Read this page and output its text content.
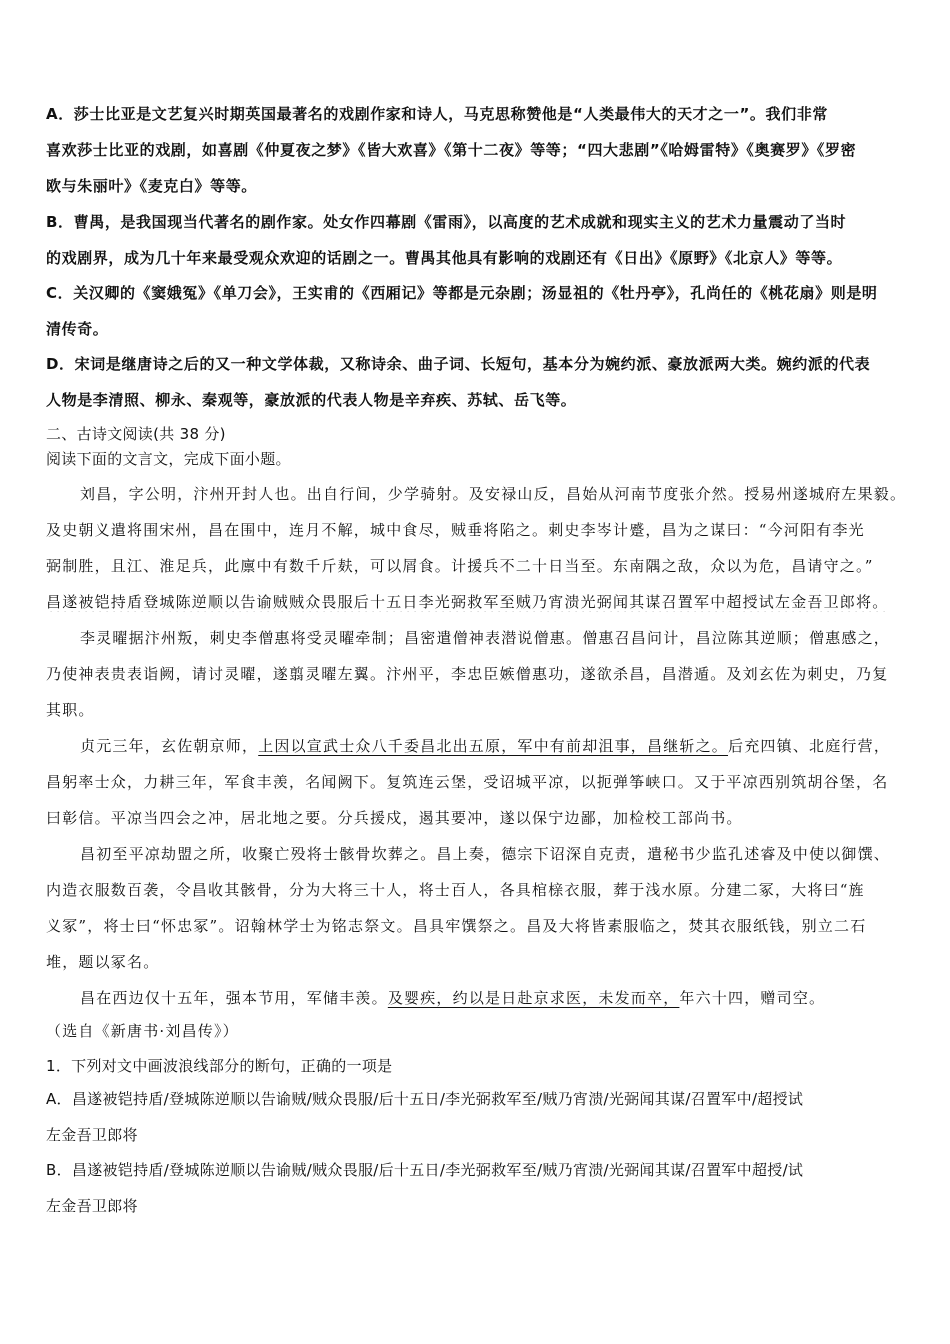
A．莎士比亚是文艺复兴时期英国最著名的戏剧作家和诗人，马克思称赞他是“人类最伟大的天才之一”。我们非常
喜欢莎士比亚的戏剧，如喜剧《仲夏夜之梦》《皆大欢喜》《第十二夜》等等；“四大悲剧”《哈姆雷特》《奥赛罗》《罗密
欧与朱丽叶》《麦克白》等等。
B．曹禺，是我国现当代著名的剧作家。处女作四幕剧《雷雨》，以高度的艺术成就和现实主义的艺术力量震动了当时
的戏剧界，成为几十年来最受观众欢迎的话剧之一。曹禺其他具有影响的戏剧还有《日出》《原野》《北京人》等等。
C．关汉卿的《窦娥冤》《单刀会》，王实甫的《西厢记》等都是元杂剧；汤显祖的《牡丹亭》，孔尚任的《桃花扇》则是明
清传奇。
D．宋词是继唐诗之后的又一种文学体裁，又称诗余、曲子词、长短句，基本分为婉约派、豪放派两大类。婉约派的代表
人物是李清照、柳永、秦观等，豪放派的代表人物是辛弃疾、苏轼、岳飞等。
二、古诗文阅读(共 38 分)
阅读下面的文言文，完成下面小题。
刘昌，字公明，汴州开封人也。出自行间，少学骑射。及安禄山反，昌始从河南节度张介然。授易州遂城府左果毅。
及史朝义遣将围宋州，昌在围中，连月不解，城中食尽，贼垂将陷之。刺史李岑计蹙，昌为之谋曰：“今河阳有李光
弼制胜，且江、淮足兵，此廪中有数千斤麸，可以屑食。计援兵不二十日当至。东南隅之敌，众以为危，昌请守之。”
昌遂被铠持盾登城陈逆顺以告谕贼贼众畏服后十五日李光弼救军至贼乃宵溃光弼闻其谋召置军中超授试左金吾卫郎将。
李灵曜据汴州叛，刺史李僧惠将受灵曜牵制；昌密遣僧神表潜说僧惠。僧惠召昌问计，昌泣陈其逆顺；僧惠感之，
乃使神表贵表诣阙，请讨灵曜，遂翦灵曜左翼。汴州平，李忠臣嫉僧惠功，遂欲杀昌，昌潜遁。及刘玄佐为刺史，乃复
其职。
贞元三年，玄佐朝京师，上因以宣武士众八千委昌北出五原，军中有前却沮事，昌继斩之。后充四镇、北庭行营，
昌躬率士众，力耕三年，军食丰羡，名闻阙下。复筑连云堡，受诏城平凉，以扼弹筝峡口。又于平凉西别筑胡谷堡，名
曰彰信。平凉当四会之冲，居北地之要。分兵援戍，遏其要冲，遂以保宁边鄙，加检校工部尚书。
昌初至平凉劫盟之所，收聚亡殁将士骸骨坎葬之。昌上奏，德宗下诏深自克责，遣秘书少监孔述睿及中使以御馔、
内造衣服数百袭，令昌收其骸骨，分为大将三十人，将士百人，各具棺榇衣服，葬于浅水原。分建二冢，大将曰“旌
义冢”，将士曰“怀忠冢”。诏翰林学士为铭志祭文。昌具牢馔祭之。昌及大将皆素服临之，焚其衣服纸钱，别立二石
堆，题以冢名。
昌在西边仅十五年，强本节用，军储丰羡。及婴疾，约以是日赴京求医，未发而卒，年六十四，赠司空。
（选自《新唐书·刘昌传》）
1．下列对文中画波浪线部分的断句，正确的一项是
A．昌遂被铠持盾/登城陈逆顺以告谕贼/贼众畏服/后十五日/李光弼救军至/贼乃宵溃/光弼闻其谋/召置军中/超授试
左金吾卫郎将
B．昌遂被铠持盾/登城陈逆顺以告谕贼/贼众畏服/后十五日/李光弼救军至/贼乃宵溃/光弼闻其谋/召置军中超授/试
左金吾卫郎将
